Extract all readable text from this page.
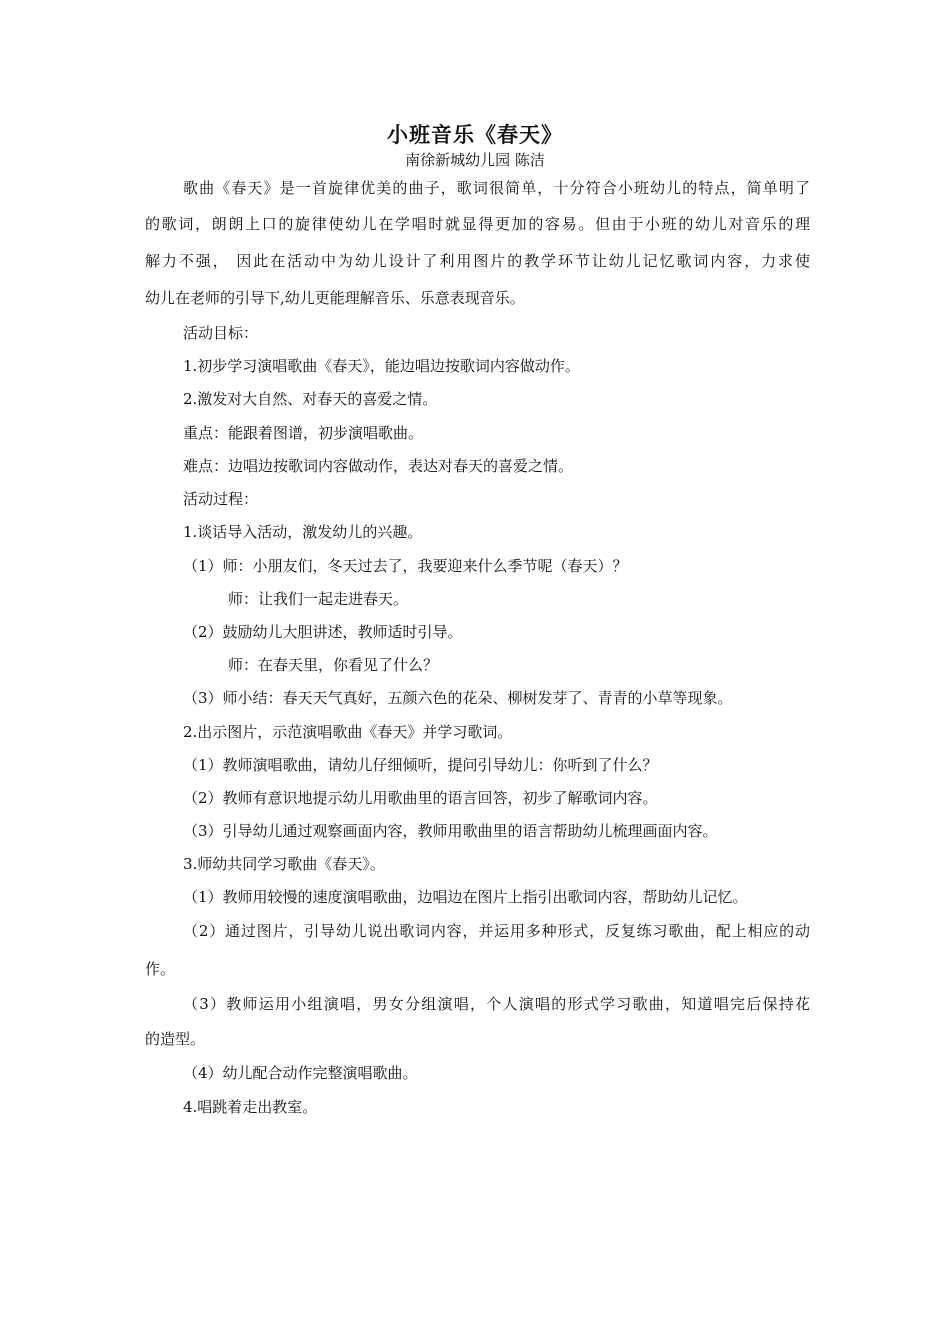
小班音乐《春天》
南徐新城幼儿园 陈洁
歌曲《春天》是一首旋律优美的曲子，歌词很简单，十分符合小班幼儿的特点，简单明了
的歌词，朗朗上口的旋律使幼儿在学唱时就显得更加的容易。但由于小班的幼儿对音乐的理
解力不强， 因此在活动中为幼儿设计了利用图片的教学环节让幼儿记忆歌词内容，力求使
幼儿在老师的引导下,幼儿更能理解音乐、乐意表现音乐。
活动目标：
1.初步学习演唱歌曲《春天》，能边唱边按歌词内容做动作。
2.激发对大自然、对春天的喜爱之情。
重点：能跟着图谱，初步演唱歌曲。
难点：边唱边按歌词内容做动作，表达对春天的喜爱之情。
活动过程：
1.谈话导入活动，激发幼儿的兴趣。
（1）师：小朋友们，冬天过去了，我要迎来什么季节呢（春天）？
师：让我们一起走进春天。
（2）鼓励幼儿大胆讲述，教师适时引导。
师：在春天里，你看见了什么？
（3）师小结：春天天气真好，五颜六色的花朵、柳树发芽了、青青的小草等现象。
2.出示图片，示范演唱歌曲《春天》并学习歌词。
（1）教师演唱歌曲，请幼儿仔细倾听，提问引导幼儿：你听到了什么？
（2）教师有意识地提示幼儿用歌曲里的语言回答，初步了解歌词内容。
（3）引导幼儿通过观察画面内容，教师用歌曲里的语言帮助幼儿梳理画面内容。
3.师幼共同学习歌曲《春天》。
（1）教师用较慢的速度演唱歌曲，边唱边在图片上指引出歌词内容，帮助幼儿记忆。
（2）通过图片，引导幼儿说出歌词内容，并运用多种形式，反复练习歌曲，配上相应的动
作。
（3）教师运用小组演唱，男女分组演唱，个人演唱的形式学习歌曲，知道唱完后保持花
的造型。
（4）幼儿配合动作完整演唱歌曲。
4.唱跳着走出教室。
